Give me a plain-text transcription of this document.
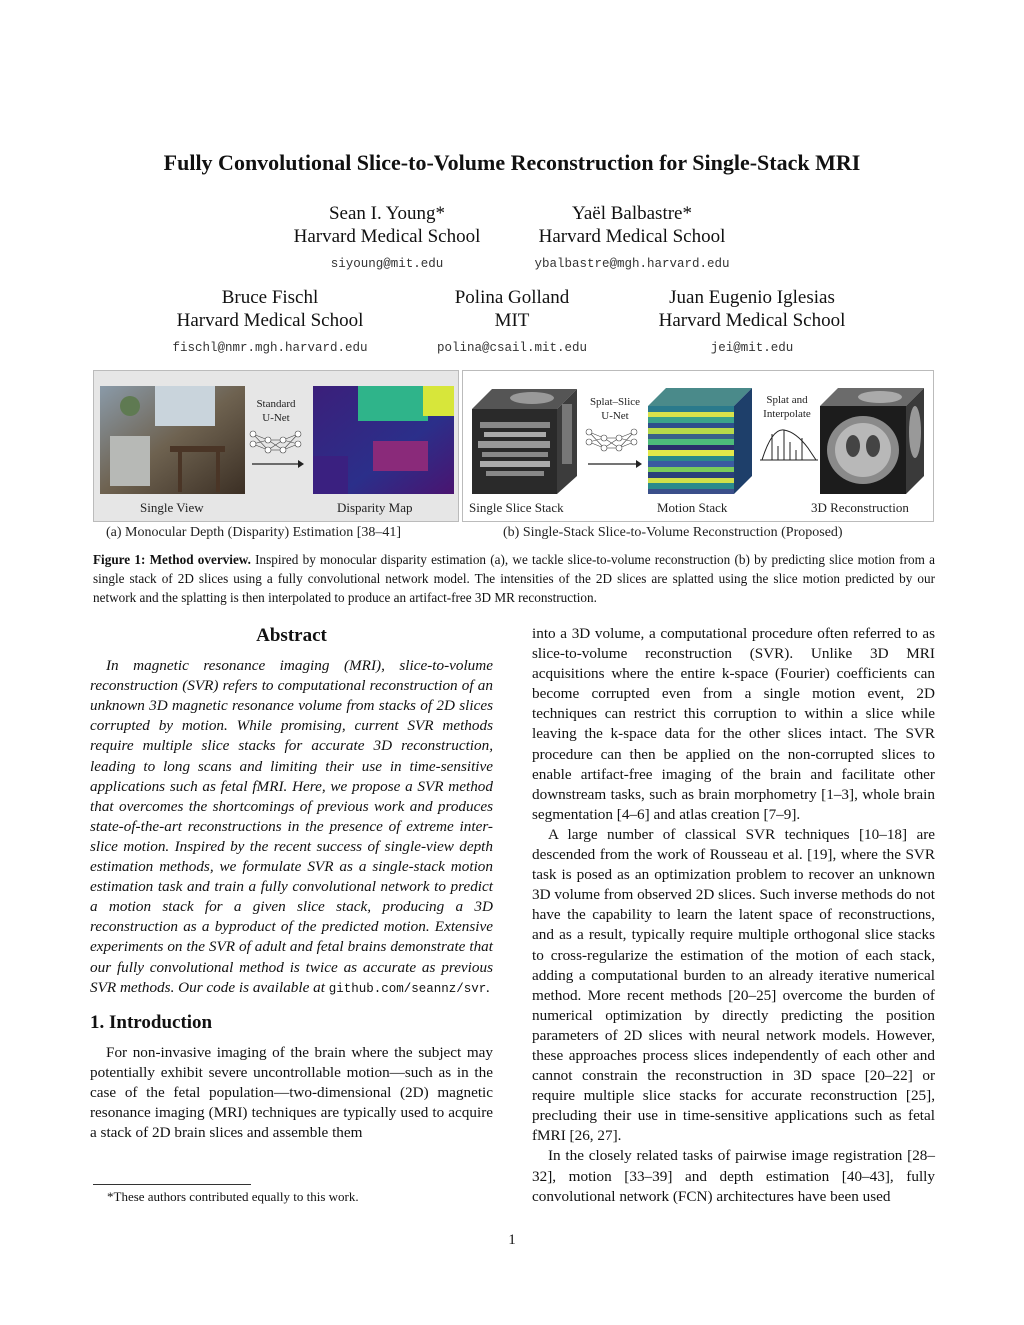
Fully Convolutional Slice-to-Volume Reconstruction for Single-Stack MRI
Sean I. Young*
Harvard Medical School
siyoung@mit.edu
Yaël Balbastre*
Harvard Medical School
ybalbastre@mgh.harvard.edu
Bruce Fischl
Harvard Medical School
fischl@nmr.mgh.harvard.edu
Polina Golland
MIT
polina@csail.mit.edu
Juan Eugenio Iglesias
Harvard Medical School
jei@mit.edu
Standard
U-Net
Single View	Disparity Map
Splat–Slice
U-Net
Splat and
Interpolate
Single Slice Stack	Motion Stack	3D Reconstruction
(a) Monocular Depth (Disparity) Estimation [38–41]	(b) Single-Stack Slice-to-Volume Reconstruction (Proposed)
Figure 1: Method overview. Inspired by monocular disparity estimation (a), we tackle slice-to-volume reconstruction (b) by predicting slice motion from a single stack of 2D slices using a fully convolutional network model. The intensities of the 2D slices are splatted using the slice motion predicted by our network and the splatting is then interpolated to produce an artifact-free 3D MR reconstruction.
Abstract

In magnetic resonance imaging (MRI), slice-to-volume reconstruction (SVR) refers to computational reconstruction of an unknown 3D magnetic resonance volume from stacks of 2D slices corrupted by motion. While promising, current SVR methods require multiple slice stacks for accurate 3D reconstruction, leading to long scans and limiting their use in time-sensitive applications such as fetal fMRI. Here, we propose a SVR method that overcomes the shortcomings of previous work and produces state-of-the-art reconstructions in the presence of extreme inter-slice motion. Inspired by the recent success of single-view depth estimation methods, we formulate SVR as a single-stack motion estimation task and train a fully convolutional network to predict a motion stack for a given slice stack, producing a 3D reconstruction as a byproduct of the predicted motion. Extensive experiments on the SVR of adult and fetal brains demonstrate that our fully convolutional method is twice as accurate as previous SVR methods. Our code is available at github.com/seannz/svr.

1. Introduction

For non-invasive imaging of the brain where the subject may potentially exhibit severe uncontrollable motion—such as in the case of the fetal population—two-dimensional (2D) magnetic resonance imaging (MRI) techniques are typically used to acquire a stack of 2D brain slices and assemble them

into a 3D volume, a computational procedure often referred to as slice-to-volume reconstruction (SVR). Unlike 3D MRI acquisitions where the entire k-space (Fourier) coefficients can become corrupted even from a single motion event, 2D techniques can restrict this corruption to within a slice while leaving the k-space data for the other slices intact. The SVR procedure can then be applied on the non-corrupted slices to enable artifact-free imaging of the brain and facilitate other downstream tasks, such as brain morphometry [1–3], whole brain segmentation [4–6] and atlas creation [7–9].

A large number of classical SVR techniques [10–18] are descended from the work of Rousseau et al. [19], where the SVR task is posed as an optimization problem to recover an unknown 3D volume from observed 2D slices. Such inverse methods do not have the capability to learn the latent space of reconstructions, and as a result, typically require multiple orthogonal slice stacks to cross-regularize the estimation of the motion of each stack, adding a computational burden to an already iterative numerical method. More recent methods [20–25] overcome the burden of numerical optimization by directly predicting the position parameters of 2D slices with neural network models. However, these approaches process slices independently of each other and cannot constrain the reconstruction in 3D space [20–22] or require multiple slice stacks for accurate reconstruction [25], precluding their use in time-sensitive applications such as fetal fMRI [26, 27].

In the closely related tasks of pairwise image registration [28–32], motion [33–39] and depth estimation [40–43], fully convolutional network (FCN) architectures have been used

*These authors contributed equally to this work.
1
